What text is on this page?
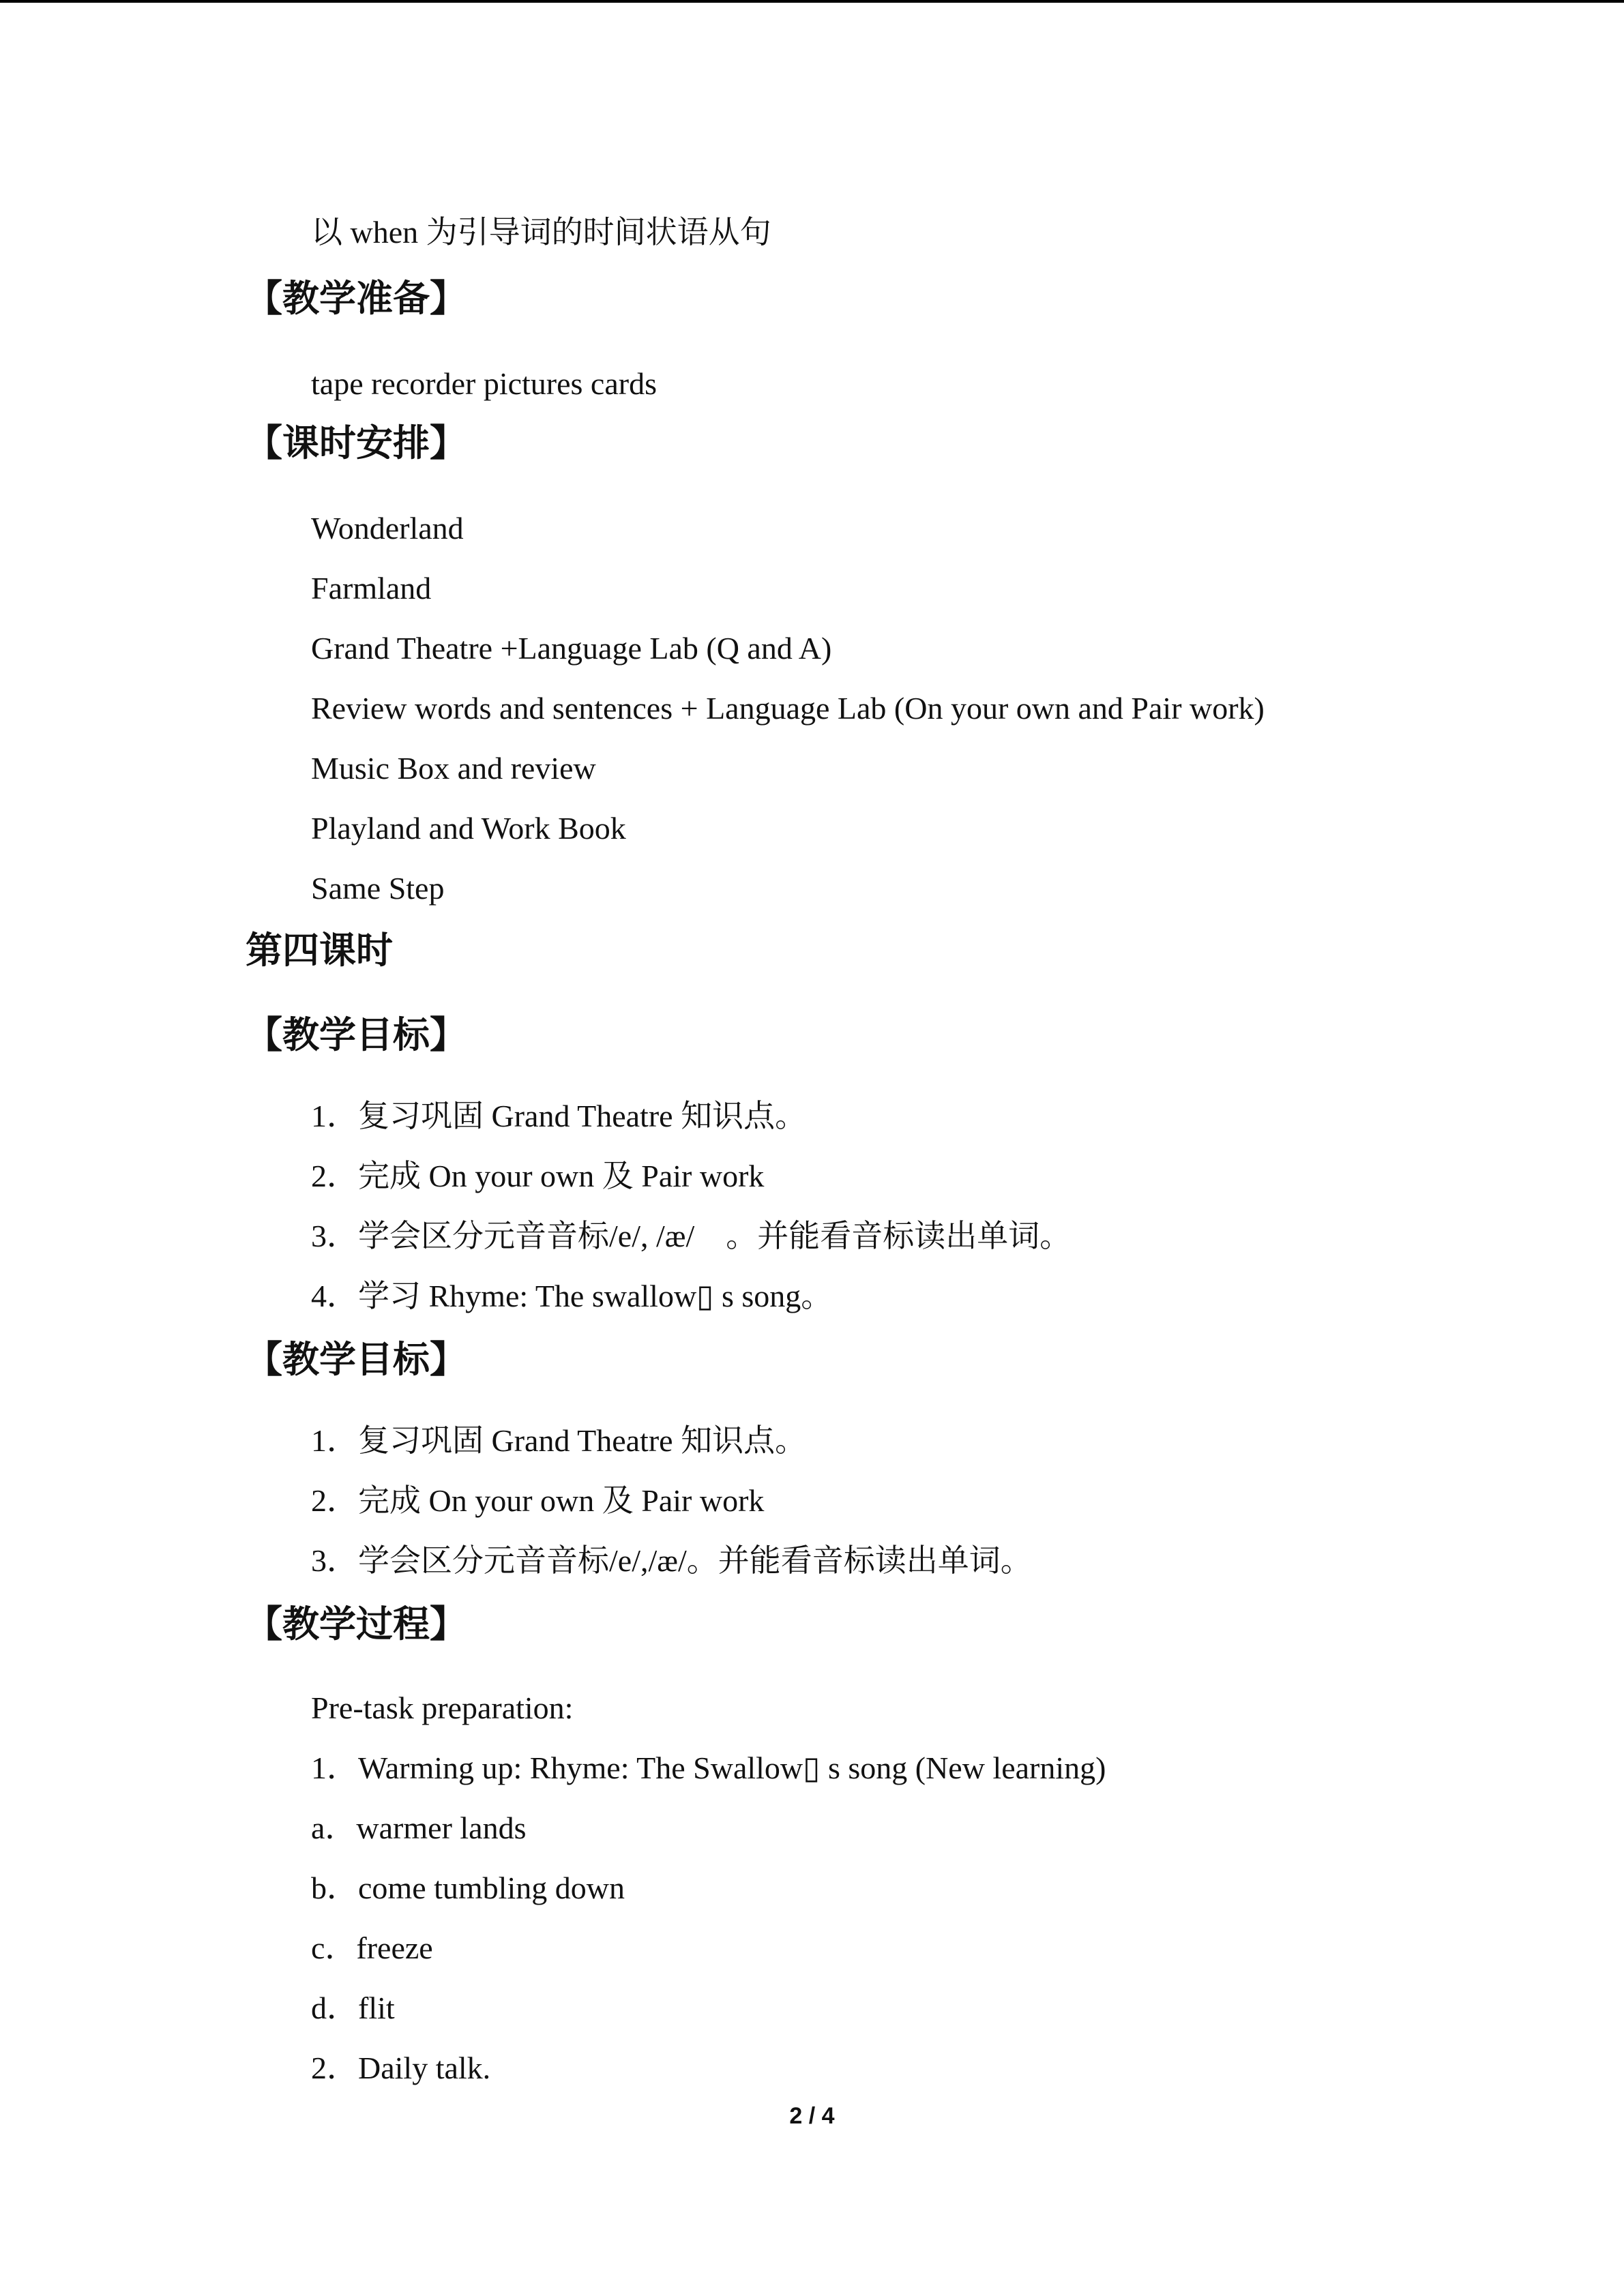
以 when 为引导词的时间状语从句
【教学准备】
tape recorder pictures cards
【课时安排】
Wonderland
Farmland
Grand Theatre +Language Lab (Q and A)
Review words and sentences + Language Lab (On your own and Pair work)
Music Box and review
Playland and Work Book
Same Step
第四课时
【教学目标】
1．复习巩固 Grand Theatre 知识点。
2．完成 On your own 及 Pair work
3．学会区分元音音标/e/, /æ/　。并能看音标读出单词。
4．学习 Rhyme: The swallow▯ s song。
【教学目标】
1．复习巩固 Grand Theatre 知识点。
2．完成 On your own 及 Pair work
3．学会区分元音音标/e/,/æ/。并能看音标读出单词。
【教学过程】
Pre-task preparation:
1．Warming up: Rhyme: The Swallow▯ s song (New learning)
a．warmer lands
b．come tumbling down
c．freeze
d．flit
2．Daily talk.
2 / 4
